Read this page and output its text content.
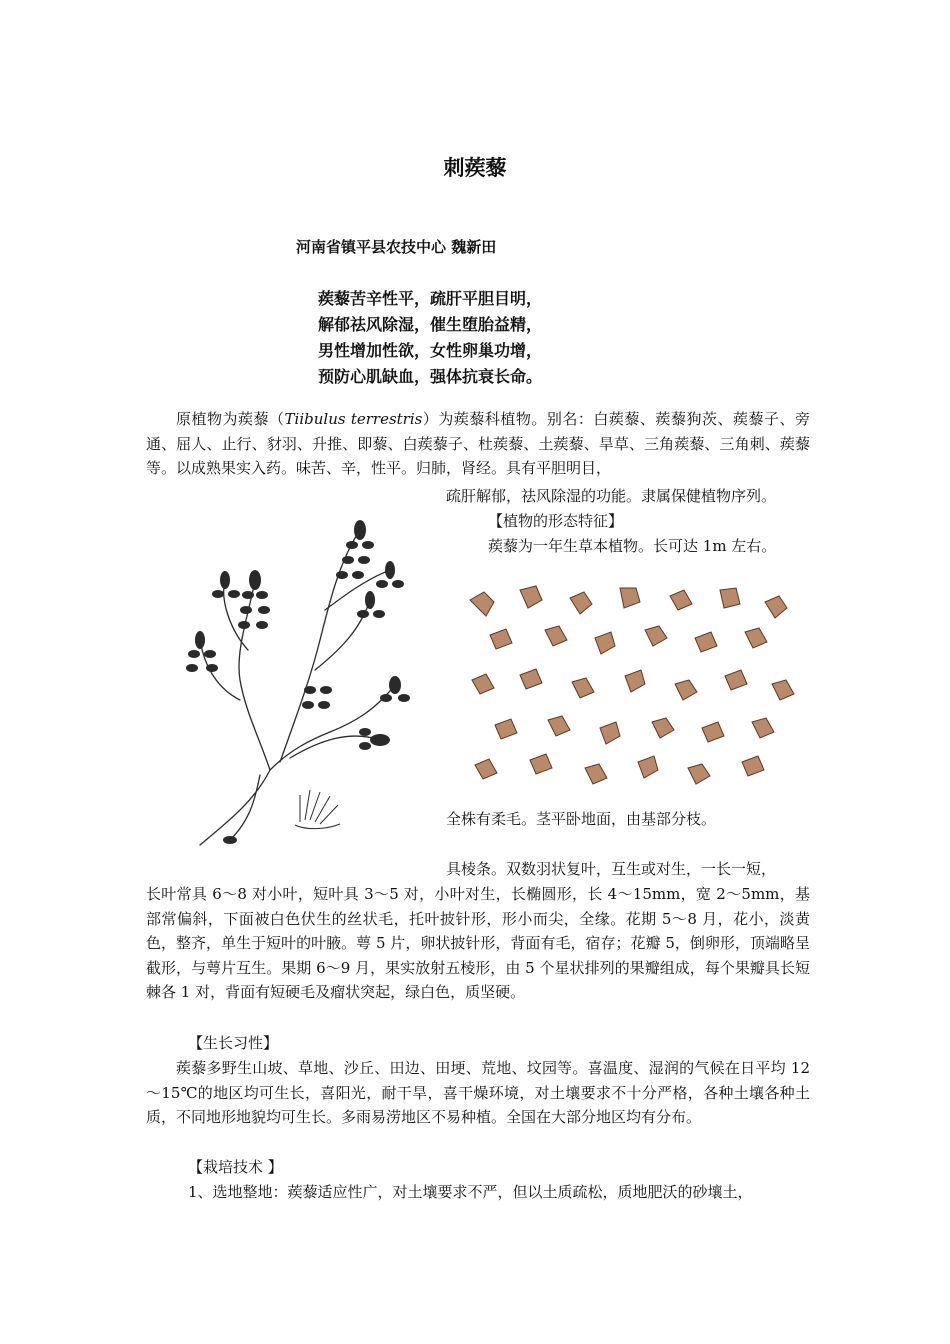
刺蒺藜
河南省镇平县农技中心 魏新田
蒺藜苦辛性平，疏肝平胆目明，
解郁祛风除湿，催生堕胎益精，
男性增加性欲，女性卵巢功增，
预防心肌缺血，强体抗衰长命。
原植物为蒺藜（Tiibulus terrestris）为蒺藜科植物。别名：白蒺藜、蒺藜狗茨、蒺藜子、旁通、屈人、止行、豺羽、升推、即藜、白蒺藜子、杜蒺藜、土蒺藜、旱草、三角蒺藜、三角刺、蒺藜等。以成熟果实入药。味苦、辛，性平。归肺，肾经。具有平胆明目，
疏肝解郁，祛风除湿的功能。隶属保健植物序列。
【植物的形态特征】
蒺藜为一年生草本植物。长可达 1m 左右。
全株有柔毛。茎平卧地面，由基部分枝。
具棱条。双数羽状复叶，互生或对生，一长一短，
长叶常具 6～8 对小叶，短叶具 3～5 对，小叶对生，长椭圆形，长 4～15mm，宽 2～5mm，基部常偏斜，下面被白色伏生的丝状毛，托叶披针形，形小而尖，全缘。花期 5～8 月，花小，淡黄色，整齐，单生于短叶的叶腋。萼 5 片，卵状披针形，背面有毛，宿存；花瓣 5，倒卵形，顶端略呈截形，与萼片互生。果期 6～9 月，果实放射五棱形，由 5 个星状排列的果瓣组成，每个果瓣具长短棘各 1 对，背面有短硬毛及瘤状突起，绿白色，质坚硬。
【生长习性】
蒺藜多野生山坡、草地、沙丘、田边、田埂、荒地、坟园等。喜温度、湿润的气候在日平均 12～15℃的地区均可生长，喜阳光，耐干旱，喜干燥环境，对土壤要求不十分严格，各种土壤各种土质，不同地形地貌均可生长。多雨易涝地区不易种植。全国在大部分地区均有分布。
【栽培技术 】
1、选地整地：蒺藜适应性广，对土壤要求不严，但以土质疏松，质地肥沃的砂壤土，
